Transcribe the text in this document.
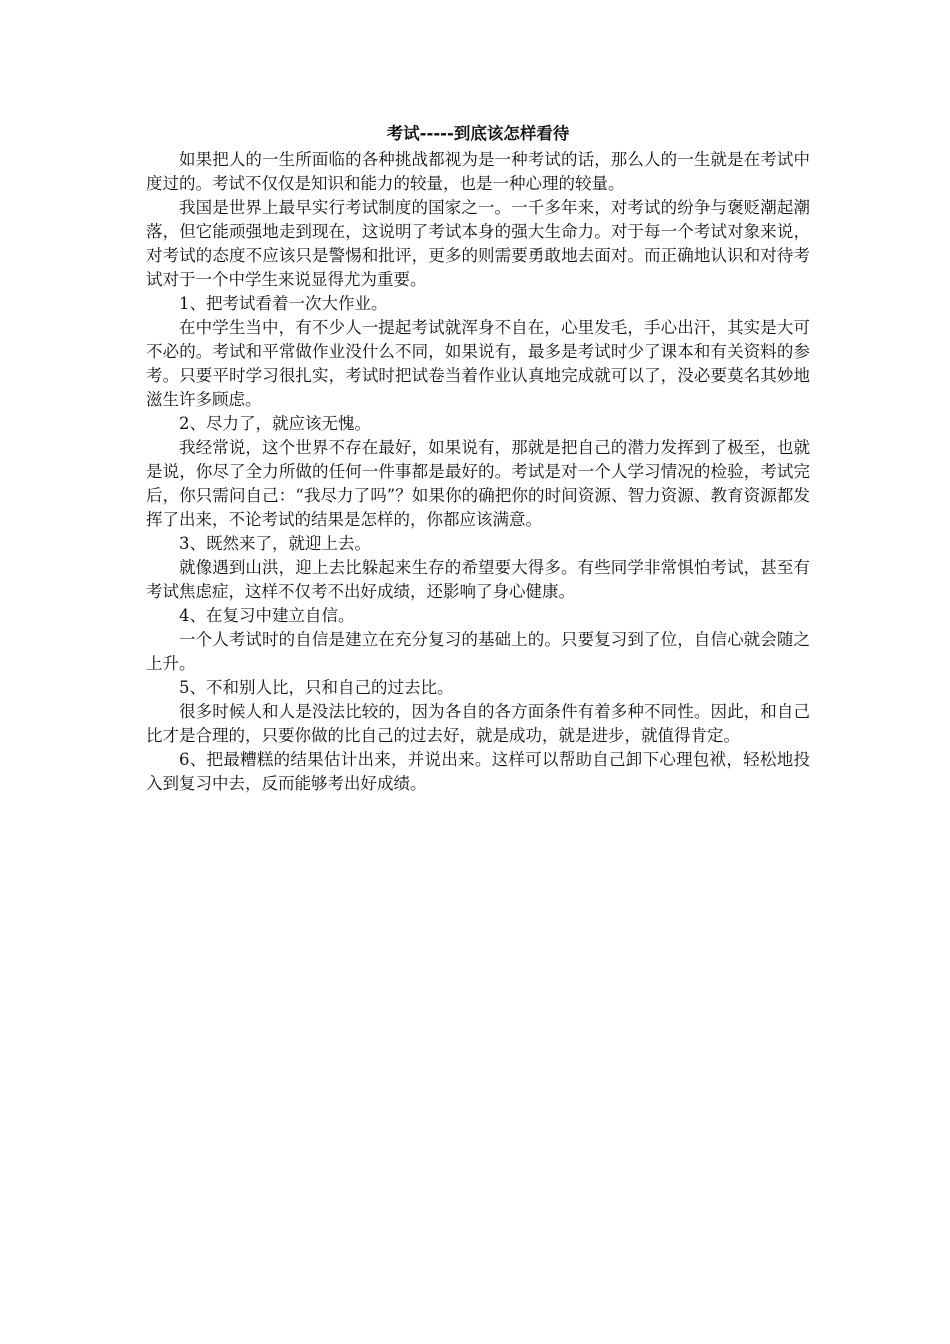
考试-----到底该怎样看待

如果把人的一生所面临的各种挑战都视为是一种考试的话，那么人的一生就是在考试中度过的。考试不仅仅是知识和能力的较量，也是一种心理的较量。

我国是世界上最早实行考试制度的国家之一。一千多年来，对考试的纷争与褒贬潮起潮落，但它能顽强地走到现在，这说明了考试本身的强大生命力。对于每一个考试对象来说，对考试的态度不应该只是警惕和批评，更多的则需要勇敢地去面对。而正确地认识和对待考试对于一个中学生来说显得尤为重要。

1、把考试看着一次大作业。

在中学生当中，有不少人一提起考试就浑身不自在，心里发毛，手心出汗，其实是大可不必的。考试和平常做作业没什么不同，如果说有，最多是考试时少了课本和有关资料的参考。只要平时学习很扎实，考试时把试卷当着作业认真地完成就可以了，没必要莫名其妙地滋生许多顾虑。

2、尽力了，就应该无愧。

我经常说，这个世界不存在最好，如果说有，那就是把自己的潜力发挥到了极至，也就是说，你尽了全力所做的任何一件事都是最好的。考试是对一个人学习情况的检验，考试完后，你只需问自己：“我尽力了吗”？如果你的确把你的时间资源、智力资源、教育资源都发挥了出来，不论考试的结果是怎样的，你都应该满意。

3、既然来了，就迎上去。

就像遇到山洪，迎上去比躲起来生存的希望要大得多。有些同学非常惧怕考试，甚至有考试焦虑症，这样不仅考不出好成绩，还影响了身心健康。

4、在复习中建立自信。

一个人考试时的自信是建立在充分复习的基础上的。只要复习到了位，自信心就会随之上升。

5、不和别人比，只和自己的过去比。

很多时候人和人是没法比较的，因为各自的各方面条件有着多种不同性。因此，和自己比才是合理的，只要你做的比自己的过去好，就是成功，就是进步，就值得肯定。

6、把最糟糕的结果估计出来，并说出来。这样可以帮助自己卸下心理包袱，轻松地投入到复习中去，反而能够考出好成绩。
